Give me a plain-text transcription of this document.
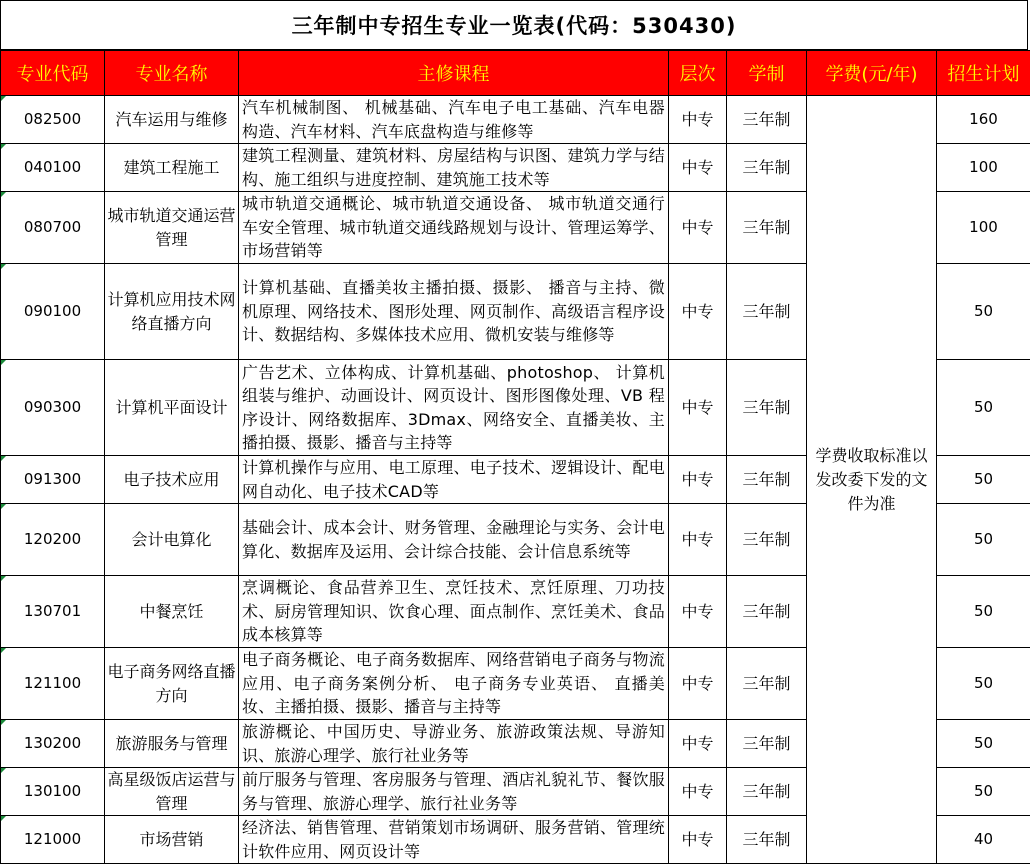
三年制中专招生专业一览表(代码：530430)
专业代码	专业名称	主修课程	层次	学制	学费(元/年)	招生计划
082500	汽车运用与维修	汽车机械制图、 机械基础、汽车电子电工基础、汽车电器构造、汽车材料、汽车底盘构造与维修等	中专	三年制	学费收取标准以发改委下发的文件为准	160
040100	建筑工程施工	建筑工程测量、建筑材料、房屋结构与识图、建筑力学与结构、施工组织与进度控制、建筑施工技术等	中专	三年制		100
080700	城市轨道交通运营管理	城市轨道交通概论、城市轨道交通设备、 城市轨道交通行车安全管理、城市轨道交通线路规划与设计、管理运筹学、市场营销等	中专	三年制		100
090100	计算机应用技术网络直播方向	计算机基础、直播美妆主播拍摄、摄影、 播音与主持、微机原理、网络技术、图形处理、网页制作、高级语言程序设计、数据结构、多媒体技术应用、微机安装与维修等	中专	三年制		50
090300	计算机平面设计	广告艺术、立体构成、计算机基础、photoshop、 计算机组装与维护、动画设计、网页设计、图形图像处理、VB 程序设计、网络数据库、3Dmax、网络安全、直播美妆、主播拍摄、摄影、播音与主持等	中专	三年制		50
091300	电子技术应用	计算机操作与应用、电工原理、电子技术、逻辑设计、配电网自动化、电子技术CAD等	中专	三年制		50
120200	会计电算化	基础会计、成本会计、财务管理、金融理论与实务、会计电算化、数据库及运用、会计综合技能、会计信息系统等	中专	三年制		50
130701	中餐烹饪	烹调概论、食品营养卫生、烹饪技术、烹饪原理、刀功技术、厨房管理知识、饮食心理、面点制作、烹饪美术、食品成本核算等	中专	三年制		50
121100	电子商务网络直播方向	电子商务概论、电子商务数据库、网络营销电子商务与物流应用、电子商务案例分析、 电子商务专业英语、 直播美妆、主播拍摄、摄影、播音与主持等	中专	三年制		50
130200	旅游服务与管理	旅游概论、中国历史、导游业务、旅游政策法规、导游知识、旅游心理学、旅行社业务等	中专	三年制		50
130100	高星级饭店运营与管理	前厅服务与管理、客房服务与管理、酒店礼貌礼节、餐饮服务与管理、旅游心理学、旅行社业务等	中专	三年制		50
121000	市场营销	经济法、销售管理、营销策划市场调研、服务营销、管理统计软件应用、网页设计等	中专	三年制		40
